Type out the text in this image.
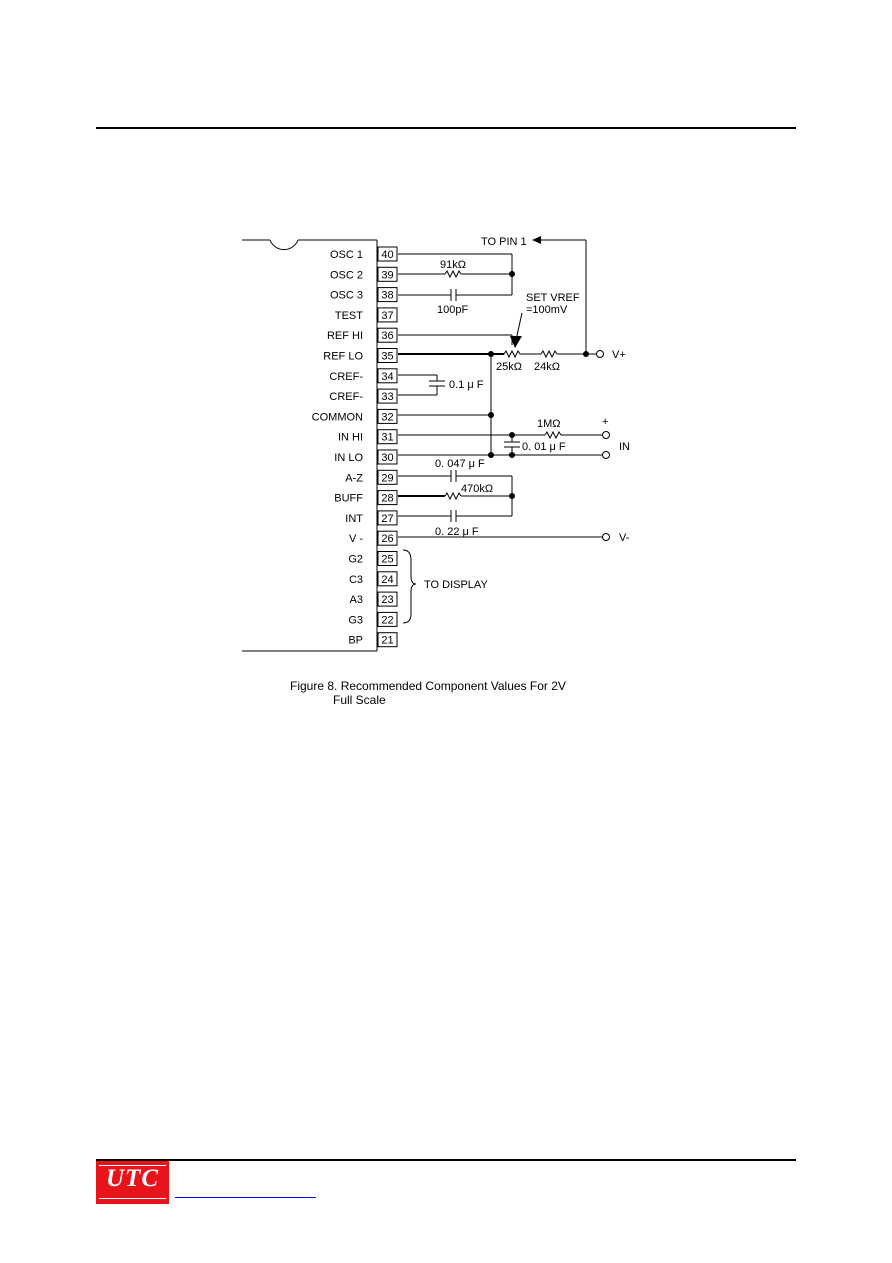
40
OSC 1
39
OSC 2
38
OSC 3
37
TEST
36
REF HI
35
REF LO
34
CREF-
33
CREF-
32
COMMON
31
IN HI
30
IN LO
29
A-Z
28
BUFF
27
INT
26
V -
25
G2
24
C3
23
A3
22
G3
21
BP
91kΩ
100pF
TO PIN 1
SET VREF
=100mV
25kΩ 24kΩ
V+
0.1 μ F
1MΩ	+
IN
0. 01 μ F
0. 047 μ F
470kΩ
0. 22 μ F	V-
TO DISPLAY
Figure 8. Recommended Component Values For 2V
Full Scale
UTC
